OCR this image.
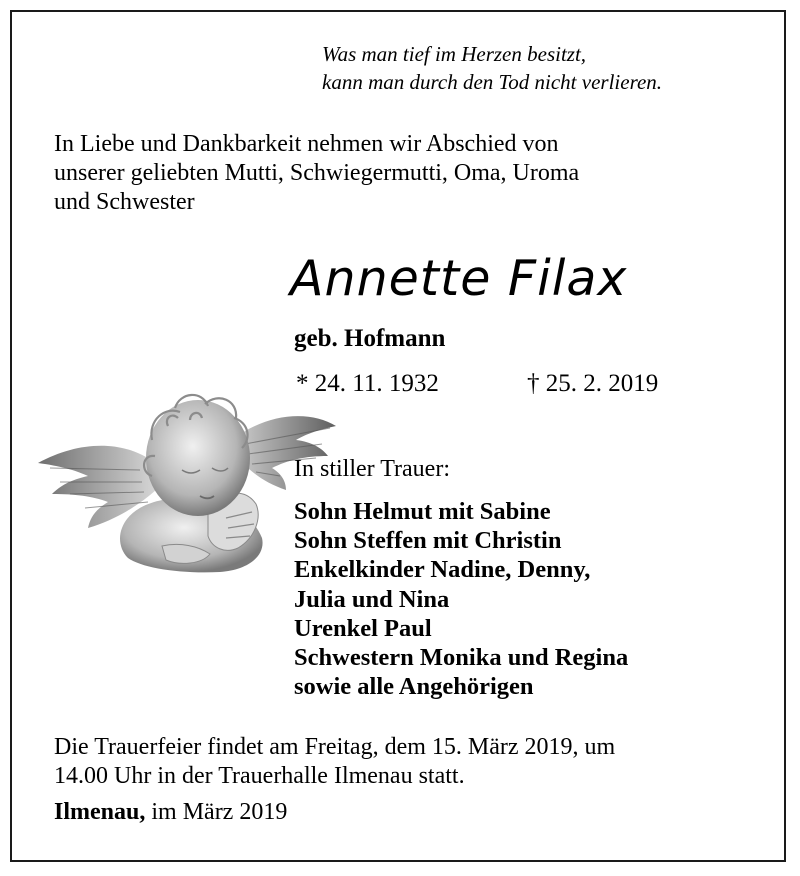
Was man tief im Herzen besitzt,
kann man durch den Tod nicht verlieren.
In Liebe und Dankbarkeit nehmen wir Abschied von
unserer geliebten Mutti, Schwiegermutti, Oma, Uroma
und Schwester
Annette Filax
geb. Hofmann
* 24. 11. 1932	† 25. 2. 2019
In stiller Trauer:
Sohn Helmut mit Sabine
Sohn Steffen mit Christin
Enkelkinder Nadine, Denny,
Julia und Nina
Urenkel Paul
Schwestern Monika und Regina
sowie alle Angehörigen
Die Trauerfeier findet am Freitag, dem 15. März 2019, um
14.00 Uhr in der Trauerhalle Ilmenau statt.
Ilmenau, im März 2019
